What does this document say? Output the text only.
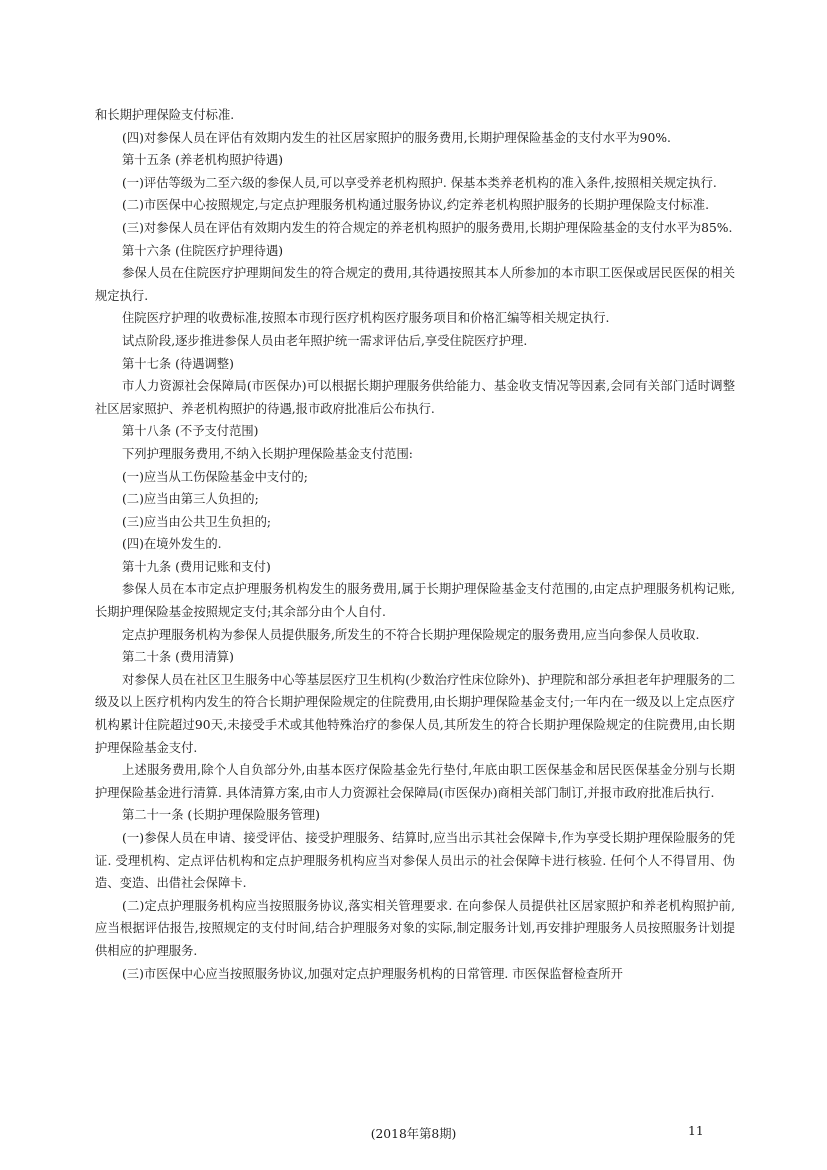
和长期护理保险支付标准.

(四)对参保人员在评估有效期内发生的社区居家照护的服务费用,长期护理保险基金的支付水平为90%.

第十五条 (养老机构照护待遇)

(一)评估等级为二至六级的参保人员,可以享受养老机构照护. 保基本类养老机构的准入条件,按照相关规定执行.

(二)市医保中心按照规定,与定点护理服务机构通过服务协议,约定养老机构照护服务的长期护理保险支付标准.

(三)对参保人员在评估有效期内发生的符合规定的养老机构照护的服务费用,长期护理保险基金的支付水平为85%.

第十六条 (住院医疗护理待遇)

参保人员在住院医疗护理期间发生的符合规定的费用,其待遇按照其本人所参加的本市职工医保或居民医保的相关规定执行.

住院医疗护理的收费标准,按照本市现行医疗机构医疗服务项目和价格汇编等相关规定执行.

试点阶段,逐步推进参保人员由老年照护统一需求评估后,享受住院医疗护理.

第十七条 (待遇调整)

市人力资源社会保障局(市医保办)可以根据长期护理服务供给能力、基金收支情况等因素,会同有关部门适时调整社区居家照护、养老机构照护的待遇,报市政府批准后公布执行.

第十八条 (不予支付范围)

下列护理服务费用,不纳入长期护理保险基金支付范围:

(一)应当从工伤保险基金中支付的;

(二)应当由第三人负担的;

(三)应当由公共卫生负担的;

(四)在境外发生的.

第十九条 (费用记账和支付)

参保人员在本市定点护理服务机构发生的服务费用,属于长期护理保险基金支付范围的,由定点护理服务机构记账,长期护理保险基金按照规定支付;其余部分由个人自付.

定点护理服务机构为参保人员提供服务,所发生的不符合长期护理保险规定的服务费用,应当向参保人员收取.

第二十条 (费用清算)

对参保人员在社区卫生服务中心等基层医疗卫生机构(少数治疗性床位除外)、护理院和部分承担老年护理服务的二级及以上医疗机构内发生的符合长期护理保险规定的住院费用,由长期护理保险基金支付;一年内在一级及以上定点医疗机构累计住院超过90天,未接受手术或其他特殊治疗的参保人员,其所发生的符合长期护理保险规定的住院费用,由长期护理保险基金支付.

上述服务费用,除个人自负部分外,由基本医疗保险基金先行垫付,年底由职工医保基金和居民医保基金分别与长期护理保险基金进行清算. 具体清算方案,由市人力资源社会保障局(市医保办)商相关部门制订,并报市政府批准后执行.

第二十一条 (长期护理保险服务管理)

(一)参保人员在申请、接受评估、接受护理服务、结算时,应当出示其社会保障卡,作为享受长期护理保险服务的凭证. 受理机构、定点评估机构和定点护理服务机构应当对参保人员出示的社会保障卡进行核验. 任何个人不得冒用、伪造、变造、出借社会保障卡.

(二)定点护理服务机构应当按照服务协议,落实相关管理要求. 在向参保人员提供社区居家照护和养老机构照护前,应当根据评估报告,按照规定的支付时间,结合护理服务对象的实际,制定服务计划,再安排护理服务人员按照服务计划提供相应的护理服务.

(三)市医保中心应当按照服务协议,加强对定点护理服务机构的日常管理. 市医保监督检查所开

(2018年第8期)	11
